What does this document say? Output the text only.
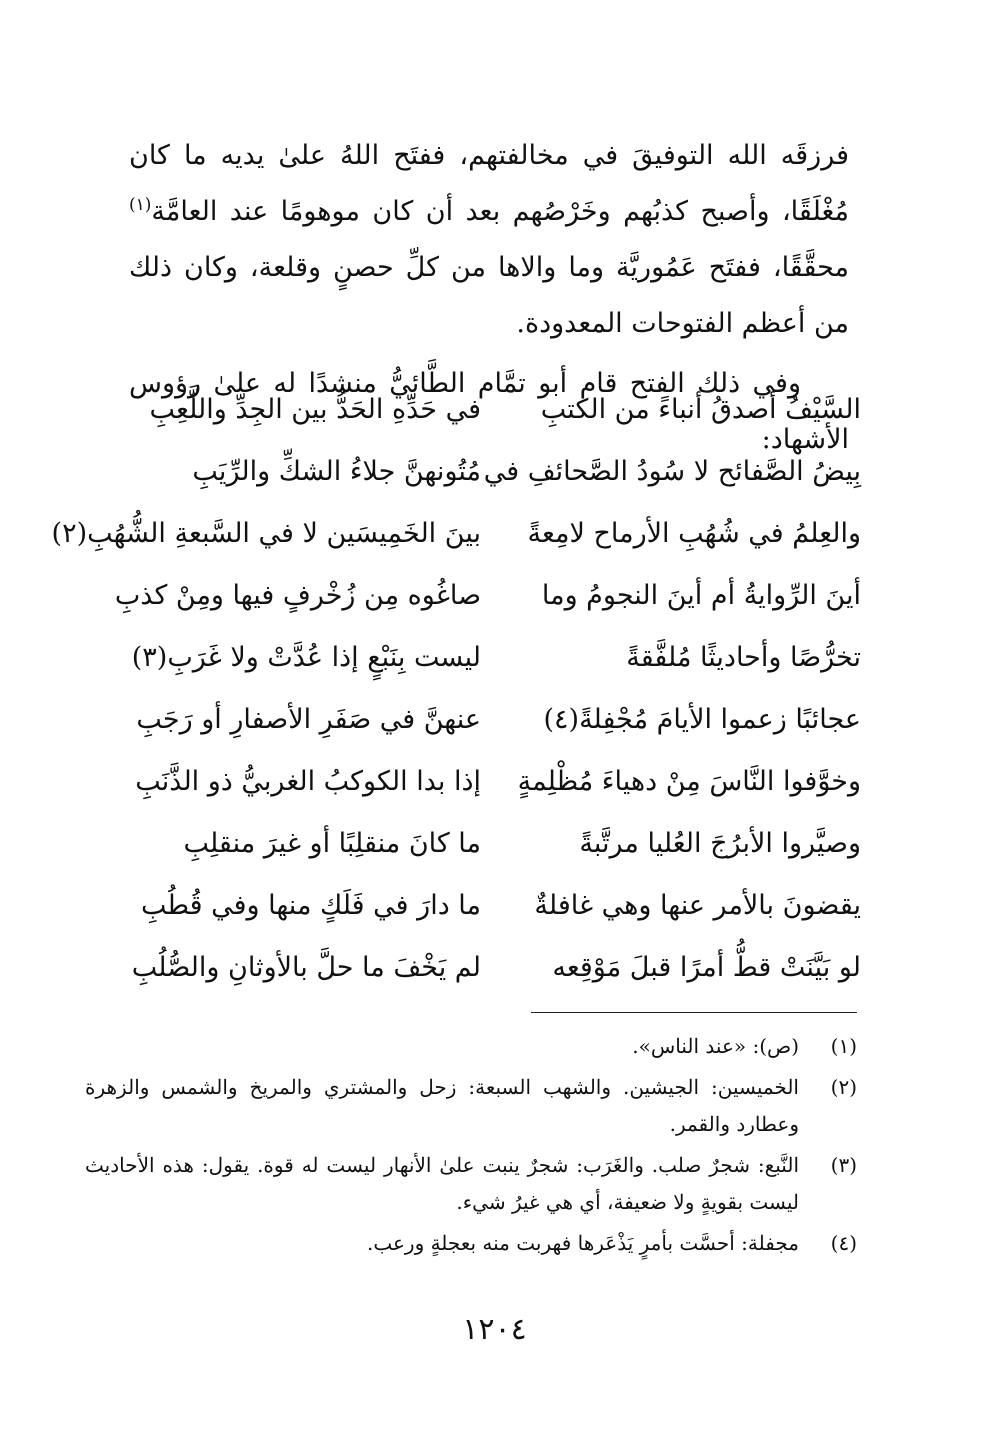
فرزقَه الله التوفيقَ في مخالفتهم، ففتَح اللهُ علىٰ يديه ما كان مُغْلَقًا، وأصبح كذبُهم وخَرْصُهم بعد أن كان موهومًا عند العامَّة$^{(١)}$ محقَّقًا، ففتَح عَمُوريَّة وما والاها من كلِّ حصنٍ وقلعة، وكان ذلك من أعظم الفتوحات المعدودة.

وفي ذلك الفتح قام أبو تمَّام الطَّائيُّ منشدًا له علىٰ رؤوس الأشهاد:

السَّيْفُ أصدقُ أنباءً من الكتبِ
في حَدِّهِ الحَدُّ بين الجِدِّ واللَّعِبِ
بِيضُ الصَّفائح لا سُودُ الصَّحائفِ في
مُتُونهنَّ جلاءُ الشكِّ والرِّيَبِ
والعِلمُ في شُهُبِ الأرماح لامِعةً
بينَ الخَمِيسَين لا في السَّبعةِ الشُّهُبِ(٢)
أينَ الرِّوايةُ أم أينَ النجومُ وما
صاغُوه مِن زُخْرفٍ فيها ومِنْ كذبِ
تخرُّصًا وأحاديثًا مُلفَّقةً
ليست بِنَبْعٍ إذا عُدَّتْ ولا غَرَبِ(٣)
عجائبًا زعموا الأيامَ مُجْفِلةً(٤)
عنهنَّ في صَفَرِ الأصفارِ أو رَجَبِ
وخوَّفوا النَّاسَ مِنْ دهياءَ مُظْلِمةٍ
إذا بدا الكوكبُ الغربيُّ ذو الذَّنَبِ
وصيَّروا الأبرُجَ العُليا مرتَّبةً
ما كانَ منقلِبًا أو غيرَ منقلِبِ
يقضونَ بالأمر عنها وهي غافلةٌ
ما دارَ في فَلَكٍ منها وفي قُطُبِ
لو بَيَّنَتْ قطُّ أمرًا قبلَ مَوْقِعه
لم يَخْفَ ما حلَّ بالأوثانِ والصُّلُبِ
(١)
(ص): «عند الناس».
(٢)
الخميسين: الجيشين. والشهب السبعة: زحل والمشتري والمريخ والشمس والزهرة وعطارد والقمر.
(٣)
النَّبع: شجرٌ صلب. والغَرَب: شجرٌ ينبت علىٰ الأنهار ليست له قوة. يقول: هذه الأحاديث ليست بقويةٍ ولا ضعيفة، أي هي غيرُ شيء.
(٤)
مجفلة: أحسَّت بأمرٍ يَذْعَرها فهربت منه بعجلةٍ ورعب.
١٢٠٤
